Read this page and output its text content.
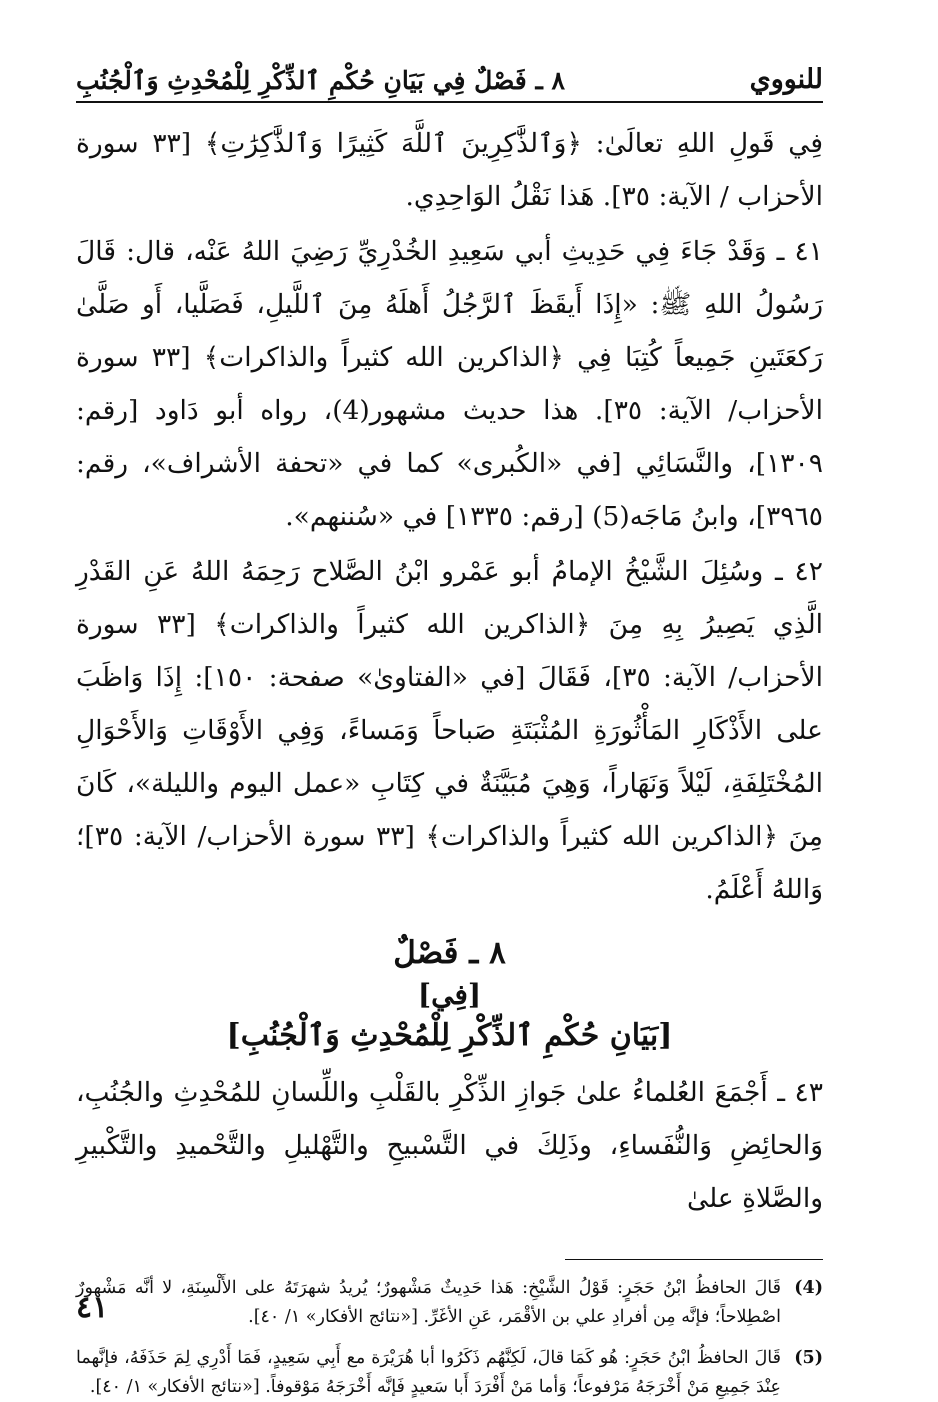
للنووي
٨ ـ فَصْلٌ فِي بَيَانِ حُكْمِ ٱلذِّكْرِ لِلْمُحْدِثِ وَٱلْجُنُبِ

فِي قَولِ اللهِ تعالَىٰ: ﴿وَٱلذَّٰكِرِينَ ٱللَّهَ كَثِيرًا وَٱلذَّٰكِرَٰتِ﴾ [٣٣ سورة الأحزاب / الآية: ٣٥]. هَذا نَقْلُ الوَاحِدِي.

٤١ ـ وَقَدْ جَاءَ فِي حَدِيثِ أبي سَعِيدِ الخُدْرِيِّ رَضِيَ اللهُ عَنْه، قال: قَالَ رَسُولُ اللهِ ﷺ: «إِذَا أَيقَظَ ٱلرَّجُلُ أَهلَهُ مِنَ ٱللَّيلِ، فَصَلَّيا، أَو صَلَّىٰ رَكعَتَينِ جَمِيعاً كُتِبَا فِي ﴿الذاكرين الله كثيراً والذاكرات﴾ [٣٣ سورة الأحزاب/ الآية: ٣٥]. هذا حديث مشهور(4)، رواه أبو دَاود [رقم: ١٣٠٩]، والنَّسَائِي [في «الكُبرى» كما في «تحفة الأشراف»، رقم: ٣٩٦٥]، وابنُ مَاجَه(5) [رقم: ١٣٣٥] في «سُننهم».

٤٢ ـ وسُئِلَ الشَّيْخُ الإمامُ أبو عَمْرو ابْنُ الصَّلاح رَحِمَهُ اللهُ عَنِ القَدْرِ الَّذِي يَصِيرُ بِهِ مِنَ ﴿الذاكرين الله كثيراً والذاكرات﴾ [٣٣ سورة الأحزاب/ الآية: ٣٥]، فَقَالَ [في «الفتاوىٰ» صفحة: ١٥٠]: إِذَا وَاظَبَ على الأَذْكَارِ المَأْثُورَةِ المُثْبَتَةِ صَباحاً وَمَساءً، وَفِي الأَوْقَاتِ وَالأَحْوَالِ المُخْتَلِفَةِ، لَيْلاً وَنَهَاراً، وَهِيَ مُبَيَّنَةٌ في كِتَابِ «عمل اليوم والليلة»، كَانَ مِنَ ﴿الذاكرين الله كثيراً والذاكرات﴾ [٣٣ سورة الأحزاب/ الآية: ٣٥]؛ وَاللهُ أَعْلَمُ.

٨ ـ فَصْلٌ
[فِي]
[بَيَانِ حُكْمِ ٱلذِّكْرِ لِلْمُحْدِثِ وَٱلْجُنُبِ]

٤٣ ـ أَجْمَعَ العُلماءُ علىٰ جَوازِ الذِّكْرِ بالقَلْبِ واللِّسانِ للمُحْدِثِ والجُنُبِ، وَالحائِضِ وَالنُّفَساءِ، وذَلِكَ في التَّسْبيحِ والتَّهْليلِ والتَّحْميدِ والتَّكْبيرِ والصَّلاةِ علىٰ

(4)
قَالَ الحافظُ ابْنُ حَجَرٍ: قَوْلُ الشَّيْخِ: هَذا حَدِيثٌ مَشْهورٌ؛ يُريدُ شهرَتَهُ على الأَلْسِنَةِ، لا أنَّه مَشْهورٌ اصْطِلاحاً؛ فإنَّه مِن أفرادِ علي بن الأقْمَر، عَنِ الأغَرِّ. [«نتائج الأفكار» ١/ ٤٠].
(5)
قَالَ الحافظُ ابْنُ حَجَرٍ: هُو كَمَا قالَ، لَكِنَّهُم ذَكَرُوا أبا هُرَيْرَة مع أَبِي سَعِيدٍ، فَمَا أَدْرِي لِمَ حَذَفَهُ، فإنَّهما عِنْدَ جَمِيعِ مَنْ أَخْرَجَهُ مَرْفوعاً؛ وَأما مَنْ أَفْرَدَ أَبا سَعيدٍ فَإنَّه أَخْرَجَهُ مَوْقوفاً. [«نتائج الأفكار» ١/ ٤٠].
٤١
